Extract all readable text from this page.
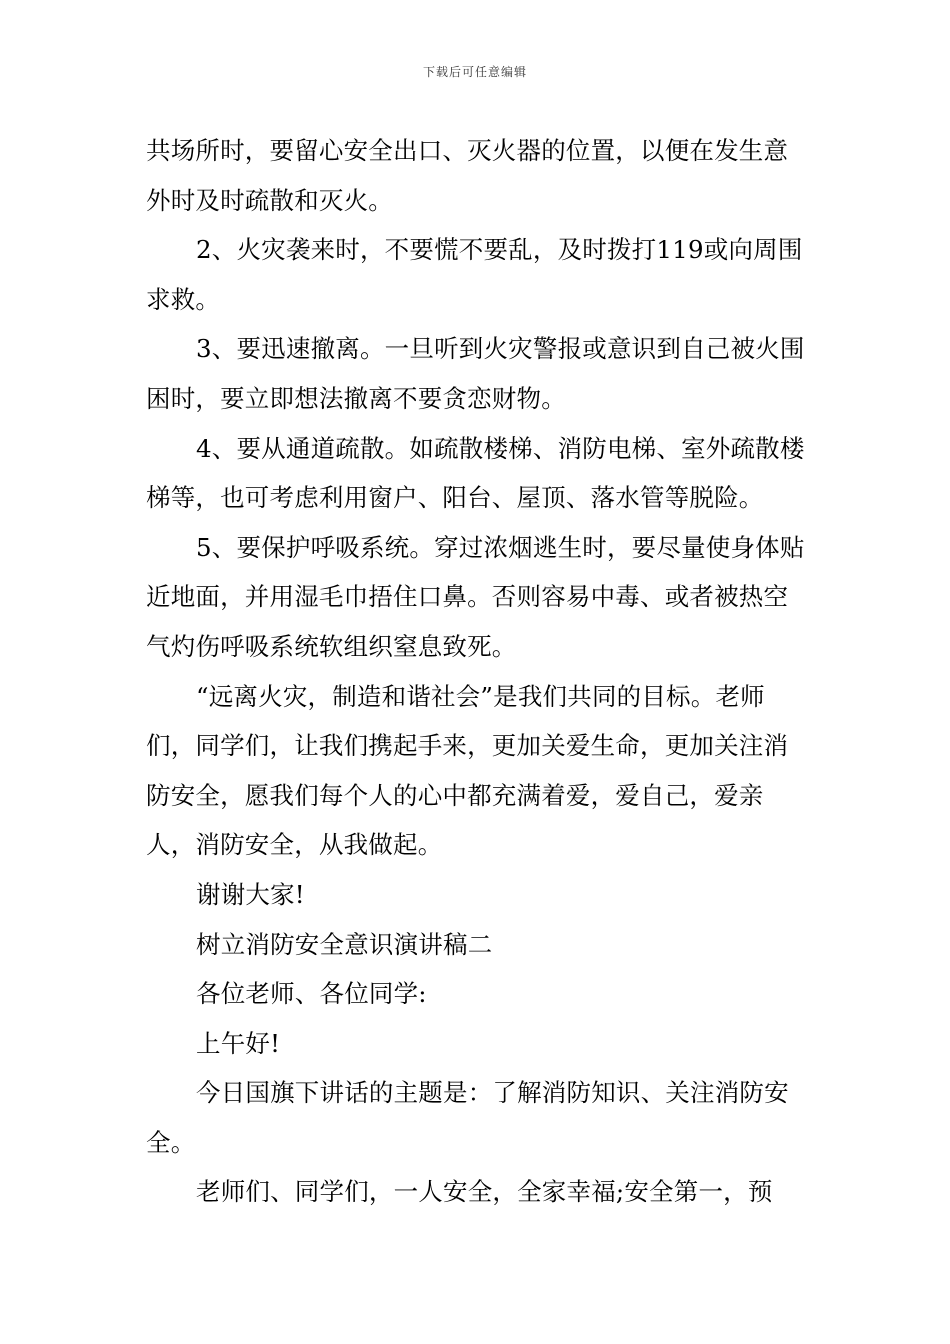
下载后可任意编辑

共场所时，要留心安全出口、灭火器的位置，以便在发生意外时及时疏散和灭火。

2、火灾袭来时，不要慌不要乱，及时拨打119或向周围求救。

3、要迅速撤离。一旦听到火灾警报或意识到自己被火围困时，要立即想法撤离不要贪恋财物。

4、要从通道疏散。如疏散楼梯、消防电梯、室外疏散楼梯等，也可考虑利用窗户、阳台、屋顶、落水管等脱险。

5、要保护呼吸系统。穿过浓烟逃生时，要尽量使身体贴近地面，并用湿毛巾捂住口鼻。否则容易中毒、或者被热空气灼伤呼吸系统软组织窒息致死。

“远离火灾，制造和谐社会”是我们共同的目标。老师们，同学们，让我们携起手来，更加关爱生命，更加关注消防安全，愿我们每个人的心中都充满着爱，爱自己，爱亲人，消防安全，从我做起。

谢谢大家!

树立消防安全意识演讲稿二

各位老师、各位同学:

上午好!

今日国旗下讲话的主题是：了解消防知识、关注消防安全。

老师们、同学们，一人安全，全家幸福;安全第一，预
